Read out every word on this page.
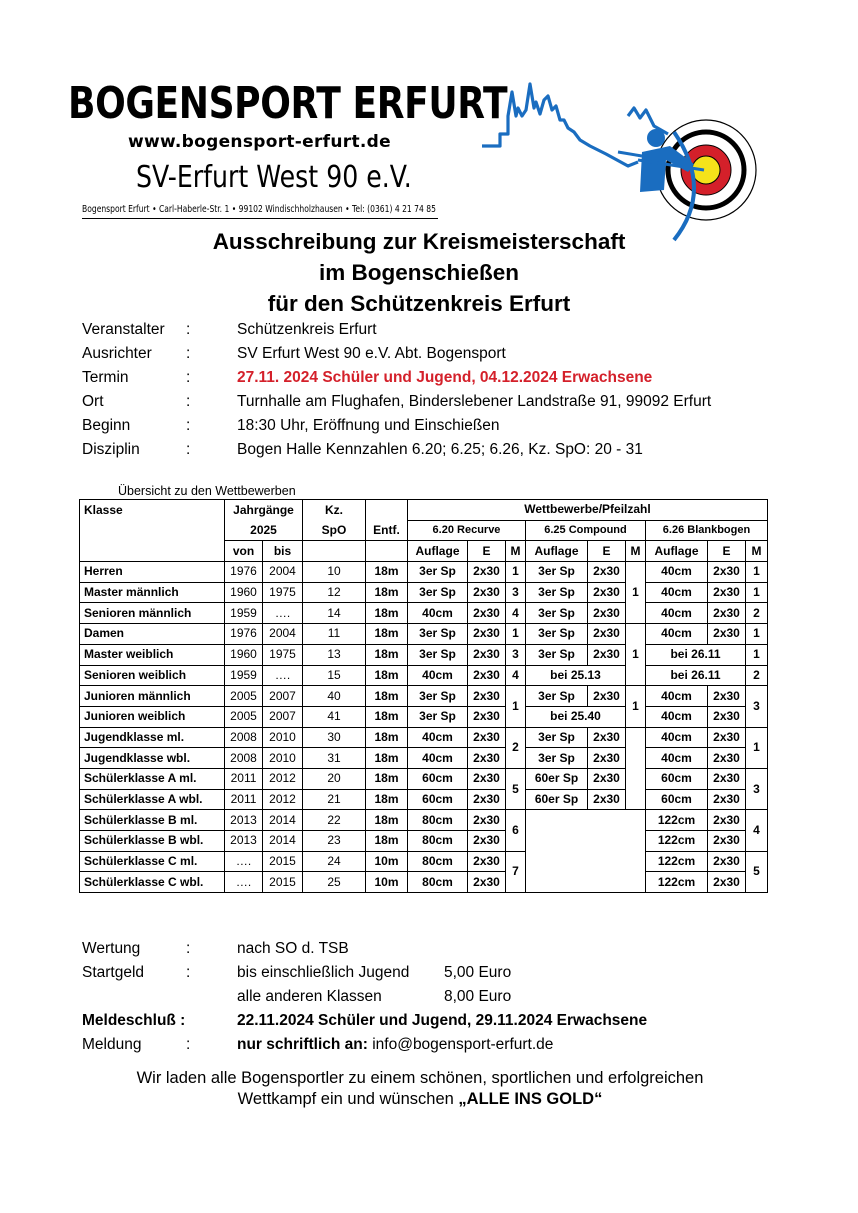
BOGENSPORT ERFURT
www.bogensport-erfurt.de
SV-Erfurt West 90 e.V.
Bogensport Erfurt • Carl-Haberle-Str. 1 • 99102 Windischholzhausen • Tel: (0361) 4 21 74 85
Ausschreibung zur Kreismeisterschaft
im Bogenschießen
für den Schützenkreis Erfurt
Veranstalter :	Schützenkreis Erfurt
Ausrichter :	SV Erfurt West 90 e.V. Abt. Bogensport
Termin	:	27.11. 2024 Schüler und Jugend, 04.12.2024 Erwachsene
Ort	:	Turnhalle am Flughafen, Binderslebener Landstraße 91, 99092 Erfurt
Beginn	:	18:30 Uhr, Eröffnung und Einschießen
Disziplin	:	Bogen Halle Kennzahlen 6.20; 6.25; 6.26, Kz. SpO: 20 - 31
Übersicht zu den Wettbewerben
Klasse	Jahrgänge		Kz.		Wettbewerbe/Pfeilzahl								
	2025		SpO	Entf.	6.20 Recurve			6.25 Compound			6.26 Blankbogen		
	von	bis			Auflage	E	M	Auflage	E	M	Auflage	E	M
Herren	1976	2004	10	18m	3er Sp	2x30	1	3er Sp	2x30	1	40cm	2x30	1
Master männlich	1960	1975	12	18m	3er Sp	2x30	3	3er Sp	2x30		40cm	2x30	1
Senioren männlich	1959	….	14	18m	40cm	2x30	4	3er Sp	2x30		40cm	2x30	2
Damen	1976	2004	11	18m	3er Sp	2x30	1	3er Sp	2x30	1	40cm	2x30	1
Master weiblich	1960	1975	13	18m	3er Sp	2x30	3	3er Sp	2x30		bei 26.11		1
Senioren weiblich	1959	….	15	18m	40cm	2x30	4	bei 25.13			bei 26.11		2
Junioren männlich	2005	2007	40	18m	3er Sp	2x30	1	3er Sp	2x30	1	40cm	2x30	3
Junioren weiblich	2005	2007	41	18m	3er Sp	2x30		bei 25.40			40cm	2x30	
Jugendklasse ml.	2008	2010	30	18m	40cm	2x30	2	3er Sp	2x30		40cm	2x30	1
Jugendklasse wbl.	2008	2010	31	18m	40cm	2x30		3er Sp	2x30		40cm	2x30	
Schülerklasse A ml.	2011	2012	20	18m	60cm	2x30	5	60er Sp	2x30		60cm	2x30	3
Schülerklasse A wbl.	2011	2012	21	18m	60cm	2x30		60er Sp	2x30		60cm	2x30	
Schülerklasse B ml.	2013	2014	22	18m	80cm	2x30	6				122cm	2x30	4
Schülerklasse B wbl.	2013	2014	23	18m	80cm	2x30					122cm	2x30	
Schülerklasse C ml.	….	2015	24	10m	80cm	2x30	7				122cm	2x30	5
Schülerklasse C wbl.	….	2015	25	10m	80cm	2x30					122cm	2x30	
Wertung	:	nach SO d. TSB
Startgeld	:	bis einschließlich Jugend 5,00 Euro
alle anderen Klassen	8,00 Euro
Meldeschluß :	22.11.2024 Schüler und Jugend, 29.11.2024 Erwachsene
Meldung	:	nur schriftlich an: info@bogensport-erfurt.de
Wir laden alle Bogensportler zu einem schönen, sportlichen und erfolgreichen
Wettkampf ein und wünschen „ALLE INS GOLD“
